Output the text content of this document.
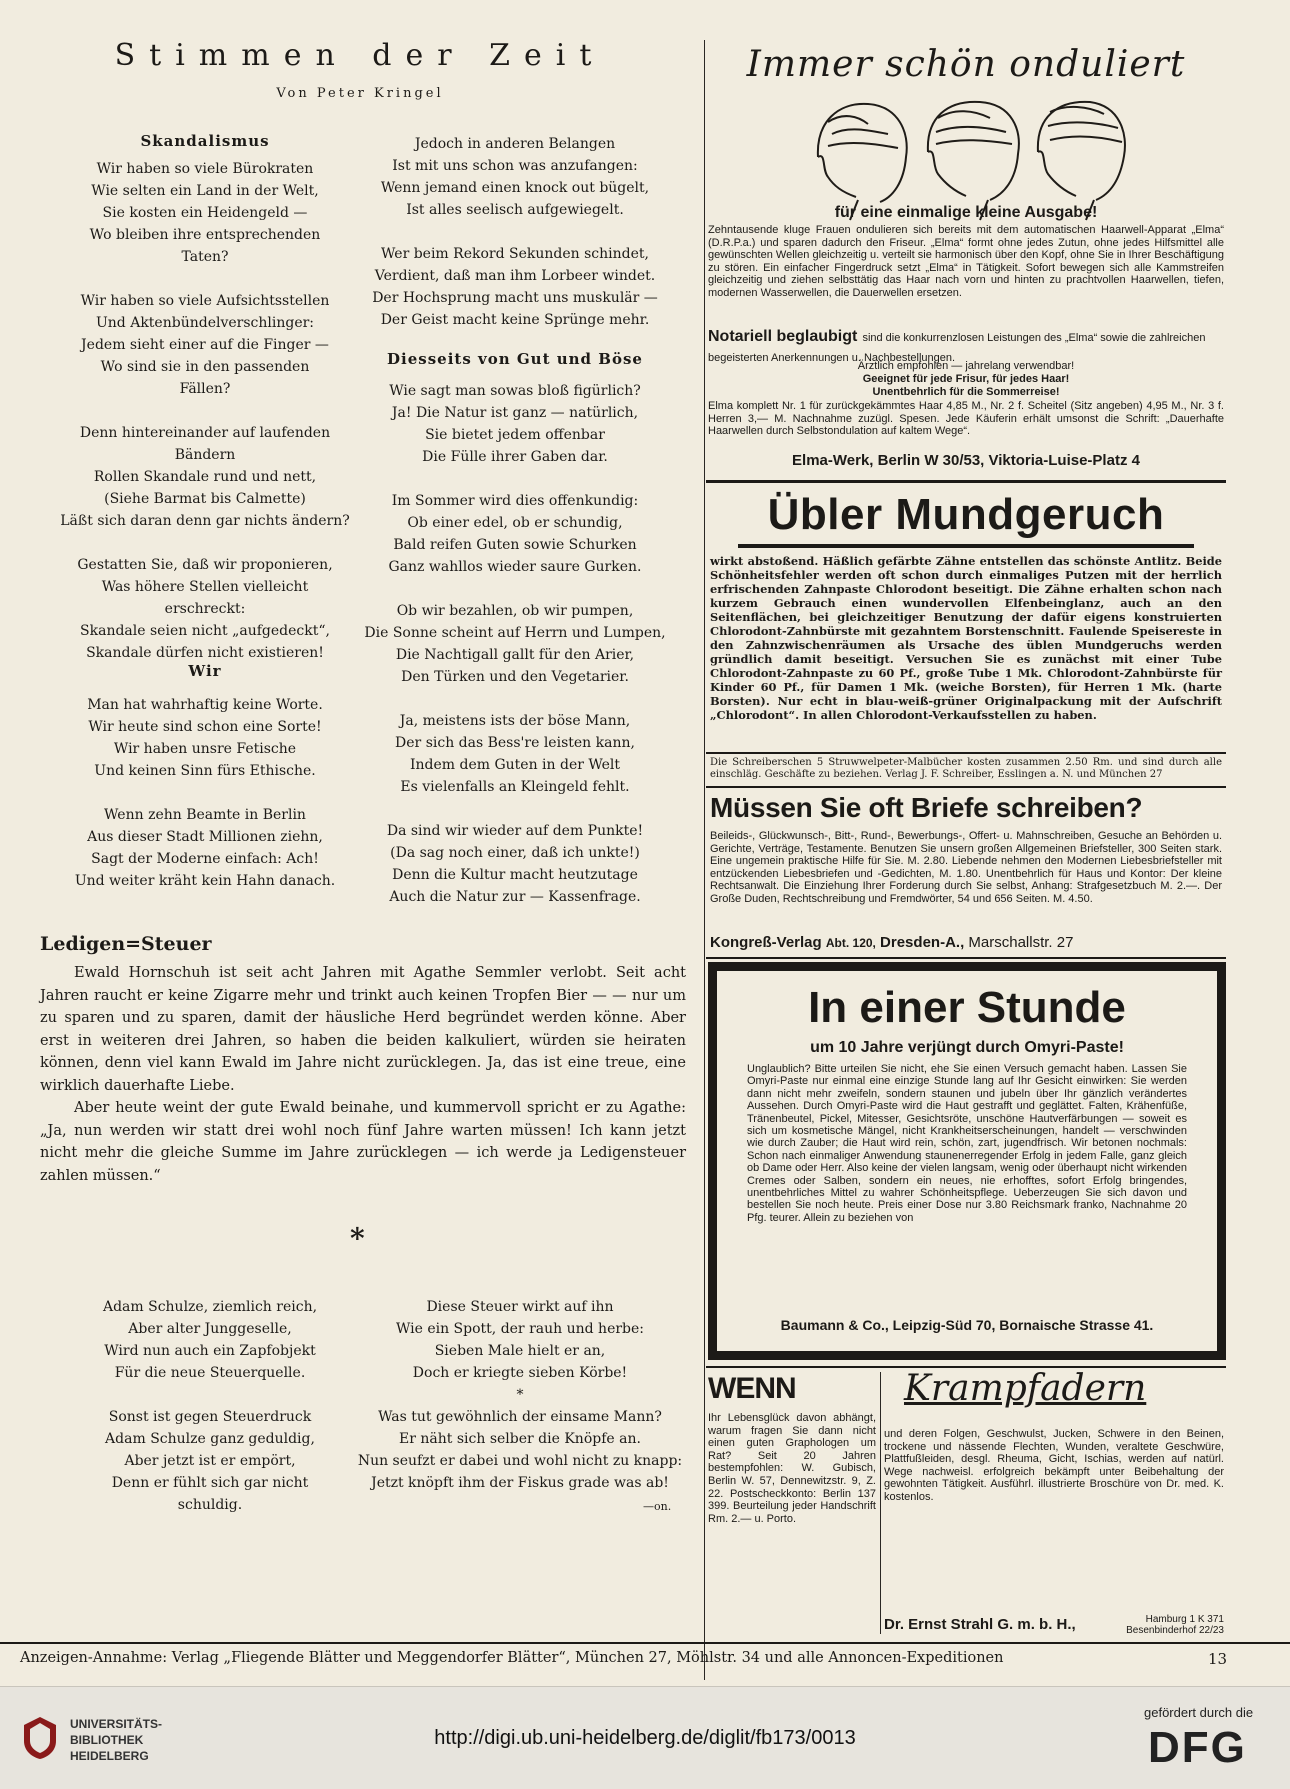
Stimmen der Zeit
Von Peter Kringel
Skandalismus

Wir haben so viele Bürokraten

Wie selten ein Land in der Welt,

Sie kosten ein Heidengeld —

Wo bleiben ihre entsprechenden

Taten?

Wir haben so viele Aufsichtsstellen

Und Aktenbündelverschlinger:

Jedem sieht einer auf die Finger —

Wo sind sie in den passenden

Fällen?

Denn hintereinander auf laufenden

Bändern

Rollen Skandale rund und nett,

(Siehe Barmat bis Calmette)

Läßt sich daran denn gar nichts ändern?

Gestatten Sie, daß wir proponieren,

Was höhere Stellen vielleicht

erschreckt:

Skandale seien nicht „aufgedeckt“,

Skandale dürfen nicht existieren!

Wir

Man hat wahrhaftig keine Worte.

Wir heute sind schon eine Sorte!

Wir haben unsre Fetische

Und keinen Sinn fürs Ethische.

Wenn zehn Beamte in Berlin

Aus dieser Stadt Millionen ziehn,

Sagt der Moderne einfach: Ach!

Und weiter kräht kein Hahn danach.

Jedoch in anderen Belangen

Ist mit uns schon was anzufangen:

Wenn jemand einen knock out bügelt,

Ist alles seelisch aufgewiegelt.

Wer beim Rekord Sekunden schindet,

Verdient, daß man ihm Lorbeer windet.

Der Hochsprung macht uns muskulär —

Der Geist macht keine Sprünge mehr.

Diesseits von Gut und Böse

Wie sagt man sowas bloß figürlich?

Ja! Die Natur ist ganz — natürlich,

Sie bietet jedem offenbar

Die Fülle ihrer Gaben dar.

Im Sommer wird dies offenkundig:

Ob einer edel, ob er schundig,

Bald reifen Guten sowie Schurken

Ganz wahllos wieder saure Gurken.

Ob wir bezahlen, ob wir pumpen,

Die Sonne scheint auf Herrn und Lumpen,

Die Nachtigall gallt für den Arier,

Den Türken und den Vegetarier.

Ja, meistens ists der böse Mann,

Der sich das Bess're leisten kann,

Indem dem Guten in der Welt

Es vielenfalls an Kleingeld fehlt.

Da sind wir wieder auf dem Punkte!

(Da sag noch einer, daß ich unkte!)

Denn die Kultur macht heutzutage

Auch die Natur zur — Kassenfrage.

Ledigen=Steuer
Ewald Hornschuh ist seit acht Jahren mit Agathe Semmler verlobt. Seit acht Jahren raucht er keine Zigarre mehr und trinkt auch keinen Tropfen Bier — — nur um zu sparen und zu sparen, damit der häusliche Herd begründet werden könne. Aber erst in weiteren drei Jahren, so haben die beiden kalkuliert, würden sie heiraten können, denn viel kann Ewald im Jahre nicht zurücklegen. Ja, das ist eine treue, eine wirklich dauerhafte Liebe.
Aber heute weint der gute Ewald beinahe, und kummervoll spricht er zu Agathe: „Ja, nun werden wir statt drei wohl noch fünf Jahre warten müssen! Ich kann jetzt nicht mehr die gleiche Summe im Jahre zurücklegen — ich werde ja Ledigensteuer zahlen müssen.“
*

Adam Schulze, ziemlich reich,

Aber alter Junggeselle,

Wird nun auch ein Zapfobjekt

Für die neue Steuerquelle.

Sonst ist gegen Steuerdruck

Adam Schulze ganz geduldig,

Aber jetzt ist er empört,

Denn er fühlt sich gar nicht

schuldig.

Diese Steuer wirkt auf ihn

Wie ein Spott, der rauh und herbe:

Sieben Male hielt er an,

Doch er kriegte sieben Körbe!

*

Was tut gewöhnlich der einsame Mann?

Er näht sich selber die Knöpfe an.

Nun seufzt er dabei und wohl nicht zu knapp:

Jetzt knöpft ihm der Fiskus grade was ab!

—on.
Immer schön onduliert
für eine einmalige kleine Ausgabe!
Zehntausende kluge Frauen ondulieren sich bereits mit dem automatischen Haarwell-Apparat „Elma“ (D.R.P.a.) und sparen dadurch den Friseur. „Elma“ formt ohne jedes Zutun, ohne jedes Hilfsmittel alle gewünschten Wellen gleichzeitig u. verteilt sie harmonisch über den Kopf, ohne Sie in Ihrer Beschäftigung zu stören. Ein einfacher Fingerdruck setzt „Elma“ in Tätigkeit. Sofort bewegen sich alle Kammstreifen gleichzeitig und ziehen selbsttätig das Haar nach vorn und hinten zu prachtvollen Haarwellen, tiefen, modernen Wasserwellen, die Dauerwellen ersetzen.
Notariell beglaubigt sind die konkurrenzlosen Leistungen des „Elma“ sowie die zahlreichen begeisterten Anerkennungen u. Nachbestellungen.
Ärztlich empfohlen — jahrelang verwendbar!
Geeignet für jede Frisur, für jedes Haar!
Unentbehrlich für die Sommerreise!
Elma komplett Nr. 1 für zurückgekämmtes Haar 4,85 M., Nr. 2 f. Scheitel (Sitz angeben) 4,95 M., Nr. 3 f. Herren 3,— M. Nachnahme zuzügl. Spesen. Jede Käuferin erhält umsonst die Schrift: „Dauerhafte Haarwellen durch Selbstondulation auf kaltem Wege“.
Elma-Werk, Berlin W 30/53, Viktoria-Luise-Platz 4
Übler Mundgeruch
wirkt abstoßend. Häßlich gefärbte Zähne entstellen das schönste Antlitz. Beide Schönheitsfehler werden oft schon durch einmaliges Putzen mit der herrlich erfrischenden Zahnpaste Chlorodont beseitigt. Die Zähne erhalten schon nach kurzem Gebrauch einen wundervollen Elfenbeinglanz, auch an den Seitenflächen, bei gleichzeitiger Benutzung der dafür eigens konstruierten Chlorodont-Zahnbürste mit gezahntem Borstenschnitt. Faulende Speisereste in den Zahnzwischenräumen als Ursache des üblen Mundgeruchs werden gründlich damit beseitigt. Versuchen Sie es zunächst mit einer Tube Chlorodont-Zahnpaste zu 60 Pf., große Tube 1 Mk. Chlorodont-Zahnbürste für Kinder 60 Pf., für Damen 1 Mk. (weiche Borsten), für Herren 1 Mk. (harte Borsten). Nur echt in blau-weiß-grüner Originalpackung mit der Aufschrift „Chlorodont“. In allen Chlorodont-Verkaufsstellen zu haben.
Die Schreiberschen 5 Struwwelpeter-Malbücher kosten zusammen 2.50 Rm. und sind durch alle einschläg. Geschäfte zu beziehen. Verlag J. F. Schreiber, Esslingen a. N. und München 27
Müssen Sie oft Briefe schreiben?
Beileids-, Glückwunsch-, Bitt-, Rund-, Bewerbungs-, Offert- u. Mahnschreiben, Gesuche an Behörden u. Gerichte, Verträge, Testamente. Benutzen Sie unsern großen Allgemeinen Briefsteller, 300 Seiten stark. Eine ungemein praktische Hilfe für Sie. M. 2.80. Liebende nehmen den Modernen Liebesbriefsteller mit entzückenden Liebesbriefen und -Gedichten, M. 1.80. Unentbehrlich für Haus und Kontor: Der kleine Rechtsanwalt. Die Einziehung Ihrer Forderung durch Sie selbst, Anhang: Strafgesetzbuch M. 2.—. Der Große Duden, Rechtschreibung und Fremdwörter, 54 und 656 Seiten. M. 4.50.
Kongreß-Verlag Abt. 120, Dresden-A., Marschallstr. 27
In einer Stunde
um 10 Jahre verjüngt durch Omyri-Paste!
Unglaublich? Bitte urteilen Sie nicht, ehe Sie einen Versuch gemacht haben. Lassen Sie Omyri-Paste nur einmal eine einzige Stunde lang auf Ihr Gesicht einwirken: Sie werden dann nicht mehr zweifeln, sondern staunen und jubeln über Ihr gänzlich verändertes Aussehen. Durch Omyri-Paste wird die Haut gestrafft und geglättet. Falten, Krähenfüße, Tränenbeutel, Pickel, Mitesser, Gesichtsröte, unschöne Hautverfärbungen — soweit es sich um kosmetische Mängel, nicht Krankheitserscheinungen, handelt — verschwinden wie durch Zauber; die Haut wird rein, schön, zart, jugendfrisch. Wir betonen nochmals: Schon nach einmaliger Anwendung staunenerregender Erfolg in jedem Falle, ganz gleich ob Dame oder Herr. Also keine der vielen langsam, wenig oder überhaupt nicht wirkenden Cremes oder Salben, sondern ein neues, nie erhofftes, sofort Erfolg bringendes, unentbehrliches Mittel zu wahrer Schönheitspflege. Ueberzeugen Sie sich davon und bestellen Sie noch heute. Preis einer Dose nur 3.80 Reichsmark franko, Nachnahme 20 Pfg. teurer. Allein zu beziehen von
Baumann & Co., Leipzig-Süd 70, Bornaische Strasse 41.
WENN
Ihr Lebensglück davon abhängt, warum fragen Sie dann nicht einen guten Graphologen um Rat? Seit 20 Jahren bestempfohlen: W. Gubisch, Berlin W. 57, Dennewitzstr. 9, Z. 22. Postscheckkonto: Berlin 137 399. Beurteilung jeder Handschrift Rm. 2.— u. Porto.
Krampfadern
und deren Folgen, Geschwulst, Jucken, Schwere in den Beinen, trockene und nässende Flechten, Wunden, veraltete Geschwüre, Plattfußleiden, desgl. Rheuma, Gicht, Ischias, werden auf natürl. Wege nachweisl. erfolgreich bekämpft unter Beibehaltung der gewohnten Tätigkeit. Ausführl. illustrierte Broschüre von Dr. med. K. kostenlos.
Dr. Ernst Strahl G. m. b. H.,	Hamburg 1 K 371 Besenbinderhof 22/23
Anzeigen-Annahme: Verlag „Fliegende Blätter und Meggendorfer Blätter“, München 27, Möhlstr. 34 und alle Annoncen-Expeditionen	13
UNIVERSITÄTS-
BIBLIOTHEK
HEIDELBERG
http://digi.ub.uni-heidelberg.de/diglit/fb173/0013
gefördert durch die
DFG
